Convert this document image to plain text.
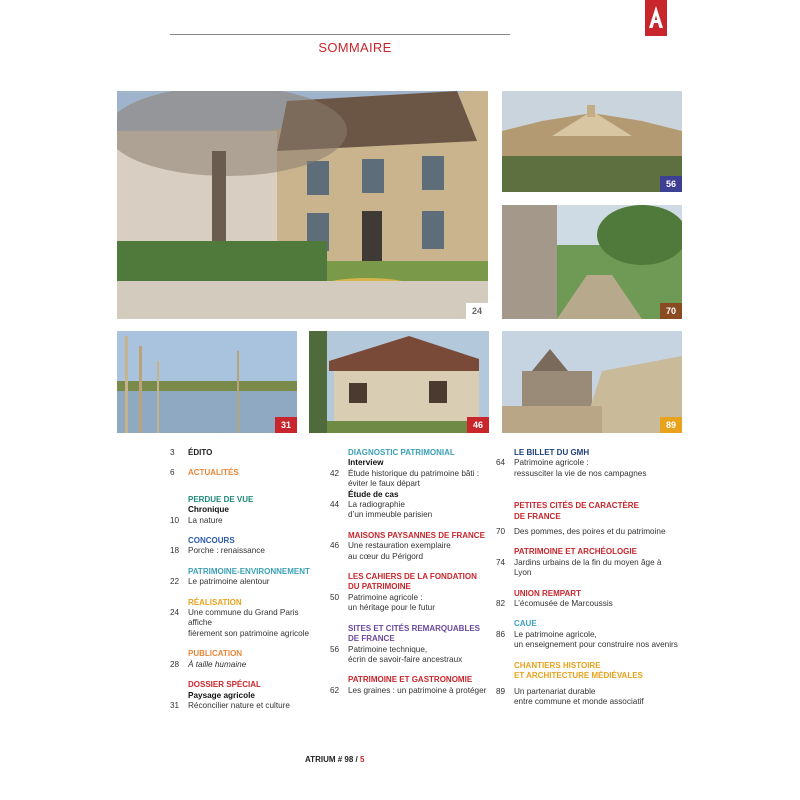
SOMMAIRE
24
56
70
31	46	89
3	ÉDITO
6	ACTUALITÉS
PERDUE DE VUE
Chronique
10	La nature
CONCOURS
18	Porche : renaissance
PATRIMOINE-ENVIRONNEMENT
22	Le patrimoine alentour
RÉALISATION
24	Une commune du Grand Paris affiche
fièrement son patrimoine agricole
PUBLICATION
28	À taille humaine
DOSSIER SPÉCIAL
Paysage agricole
31	Réconcilier nature et culture
DIAGNOSTIC PATRIMONIAL
Interview
42	Étude historique du patrimoine bâti :
éviter le faux départ
Étude de cas
44	La radiographie
d’un immeuble parisien
MAISONS PAYSANNES DE FRANCE
46	Une restauration exemplaire
au cœur du Périgord
LES CAHIERS DE LA FONDATION
DU PATRIMOINE
50	Patrimoine agricole :
un héritage pour le futur
SITES ET CITÉS REMARQUABLES
DE FRANCE
56	Patrimoine technique,
écrin de savoir-faire ancestraux
PATRIMOINE ET GASTRONOMIE
62	Les graines : un patrimoine à protéger
LE BILLET DU GMH
64	Patrimoine agricole :
ressusciter la vie de nos campagnes
PETITES CITÉS DE CARACTÈRE
DE FRANCE
70	Des pommes, des poires et du patrimoine
PATRIMOINE ET ARCHÉOLOGIE
74	Jardins urbains de la fin du moyen âge à Lyon
UNION REMPART
82	L’écomusée de Marcoussis
CAUE
86	Le patrimoine agricole,
un enseignement pour construire nos avenirs
CHANTIERS HISTOIRE
ET ARCHITECTURE MÉDIÉVALES
89	Un partenariat durable
entre commune et monde associatif
ATRIUM # 98 / 5
